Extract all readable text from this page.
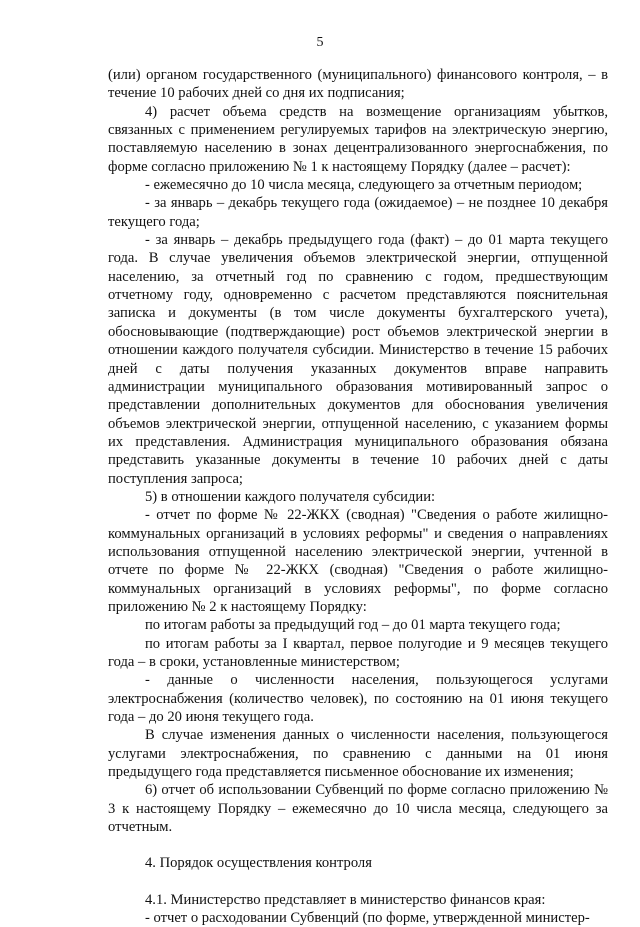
5

(или) органом государственного (муниципального) финансового контроля, – в течение 10 рабочих дней со дня их подписания;

4) расчет объема средств на возмещение организациям убытков, связанных с применением регулируемых тарифов на электрическую энергию, поставляемую населению в зонах децентрализованного энергоснабжения, по форме согласно приложению № 1 к настоящему Порядку (далее – расчет):

- ежемесячно до 10 числа месяца, следующего за отчетным периодом;

- за январь – декабрь текущего года (ожидаемое) – не позднее 10 декабря текущего года;

- за январь – декабрь предыдущего года (факт) – до 01 марта текущего года. В случае увеличения объемов электрической энергии, отпущенной населению, за отчетный год по сравнению с годом, предшествующим отчетному году, одновременно с расчетом представляются пояснительная записка и документы (в том числе документы бухгалтерского учета), обосновывающие (подтверждающие) рост объемов электрической энергии в отношении каждого получателя субсидии. Министерство в течение 15 рабочих дней с даты получения указанных документов вправе направить администрации муниципального образования мотивированный запрос о представлении дополнительных документов для обоснования увеличения объемов электрической энергии, отпущенной населению, с указанием формы их представления. Администрация муниципального образования обязана представить указанные документы в течение 10 рабочих дней с даты поступления запроса;

5) в отношении каждого получателя субсидии:

- отчет по форме № 22-ЖКХ (сводная) "Сведения о работе жилищно-коммунальных организаций в условиях реформы" и сведения о направлениях использования отпущенной населению электрической энергии, учтенной в отчете по форме № 22-ЖКХ (сводная) "Сведения о работе жилищно-коммунальных организаций в условиях реформы", по форме согласно приложению № 2 к настоящему Порядку:

по итогам работы за предыдущий год – до 01 марта текущего года;

по итогам работы за I квартал, первое полугодие и 9 месяцев текущего года – в сроки, установленные министерством;

- данные о численности населения, пользующегося услугами электроснабжения (количество человек), по состоянию на 01 июня текущего года – до 20 июня текущего года.

В случае изменения данных о численности населения, пользующегося услугами электроснабжения, по сравнению с данными на 01 июня предыдущего года представляется письменное обоснование их изменения;

6) отчет об использовании Субвенций по форме согласно приложению № 3 к настоящему Порядку – ежемесячно до 10 числа месяца, следующего за отчетным.

4. Порядок осуществления контроля

4.1. Министерство представляет в министерство финансов края:

- отчет о расходовании Субвенций (по форме, утвержденной министер-
